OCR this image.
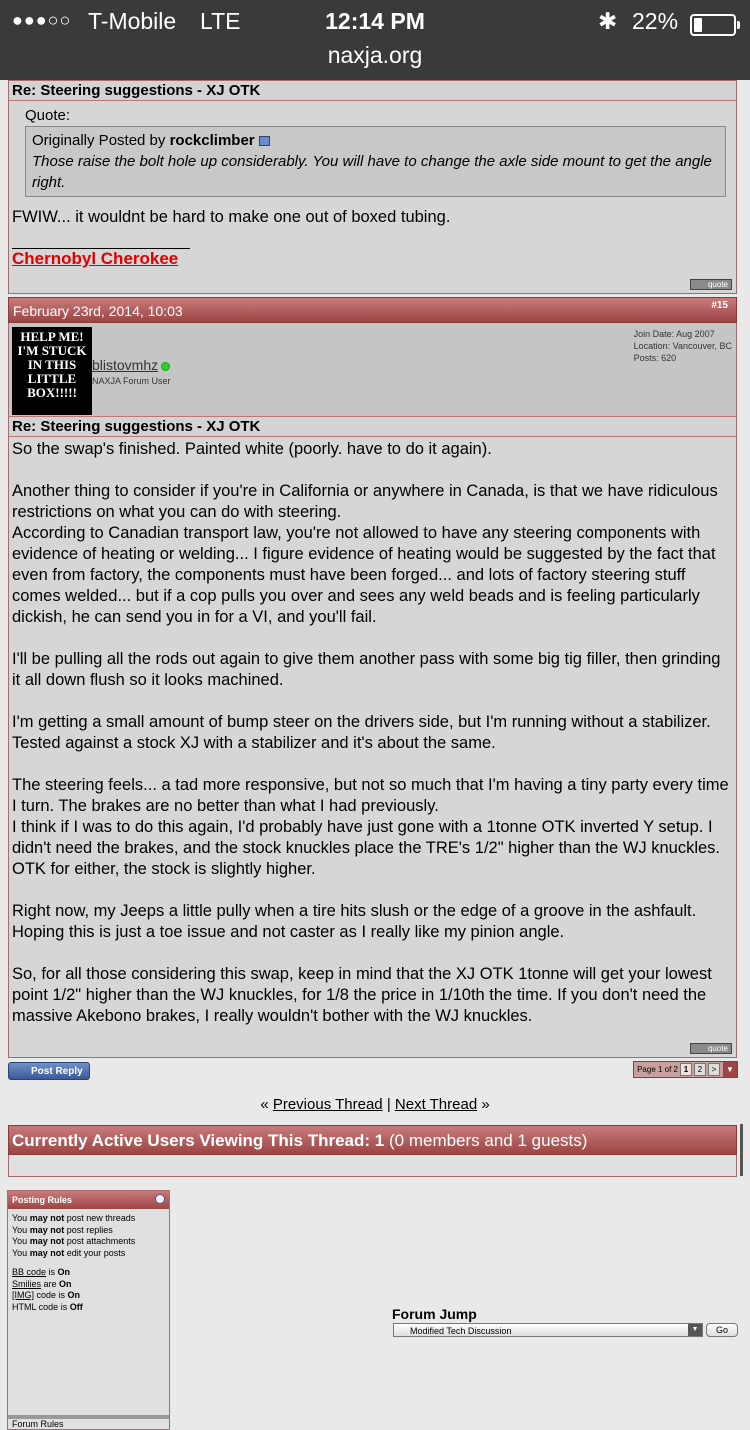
●●●○○ T-Mobile LTE	12:14 PM	✱ 22%
naxja.org
Re: Steering suggestions - XJ OTK
Quote:
Originally Posted by rockclimber
Those raise the bolt hole up considerably. You will have to change the axle side mount to get the angle right.
FWIW... it wouldnt be hard to make one out of boxed tubing.
Chernobyl Cherokee
quote
February 23rd, 2014, 10:03	#15
HELP ME! I'M STUCK IN THIS LITTLE BOX!!!!!
blistovmhz
NAXJA Forum User
Join Date: Aug 2007
Location: Vancouver, BC
Posts: 620
Re: Steering suggestions - XJ OTK

So the swap's finished. Painted white (poorly. have to do it again).

Another thing to consider if you're in California or anywhere in Canada, is that we have ridiculous restrictions on what you can do with steering.

According to Canadian transport law, you're not allowed to have any steering components with evidence of heating or welding... I figure evidence of heating would be suggested by the fact that even from factory, the components must have been forged... and lots of factory steering stuff comes welded... but if a cop pulls you over and sees any weld beads and is feeling particularly dickish, he can send you in for a VI, and you'll fail.

I'll be pulling all the rods out again to give them another pass with some big tig filler, then grinding it all down flush so it looks machined.

I'm getting a small amount of bump steer on the drivers side, but I'm running without a stabilizer. Tested against a stock XJ with a stabilizer and it's about the same.

The steering feels... a tad more responsive, but not so much that I'm having a tiny party every time I turn. The brakes are no better than what I had previously.

I think if I was to do this again, I'd probably have just gone with a 1tonne OTK inverted Y setup. I didn't need the brakes, and the stock knuckles place the TRE's 1/2" higher than the WJ knuckles. OTK for either, the stock is slightly higher.

Right now, my Jeeps a little pully when a tire hits slush or the edge of a groove in the ashfault. Hoping this is just a toe issue and not caster as I really like my pinion angle.

So, for all those considering this swap, keep in mind that the XJ OTK 1tonne will get your lowest point 1/2" higher than the WJ knuckles, for 1/8 the price in 1/10th the time. If you don't need the massive Akebono brakes, I really wouldn't bother with the WJ knuckles.

quote
Post Reply	Page 1 of 2 1	2	>	▼
« Previous Thread | Next Thread »
Currently Active Users Viewing This Thread: 1 (0 members and 1 guests)
Posting Rules
You may not post new threads
You may not post replies
You may not post attachments
You may not edit your posts
BB code is On
Smilies are On
[IMG] code is On
HTML code is Off
Forum Rules
Forum Jump
Modified Tech Discussion	▼	Go
